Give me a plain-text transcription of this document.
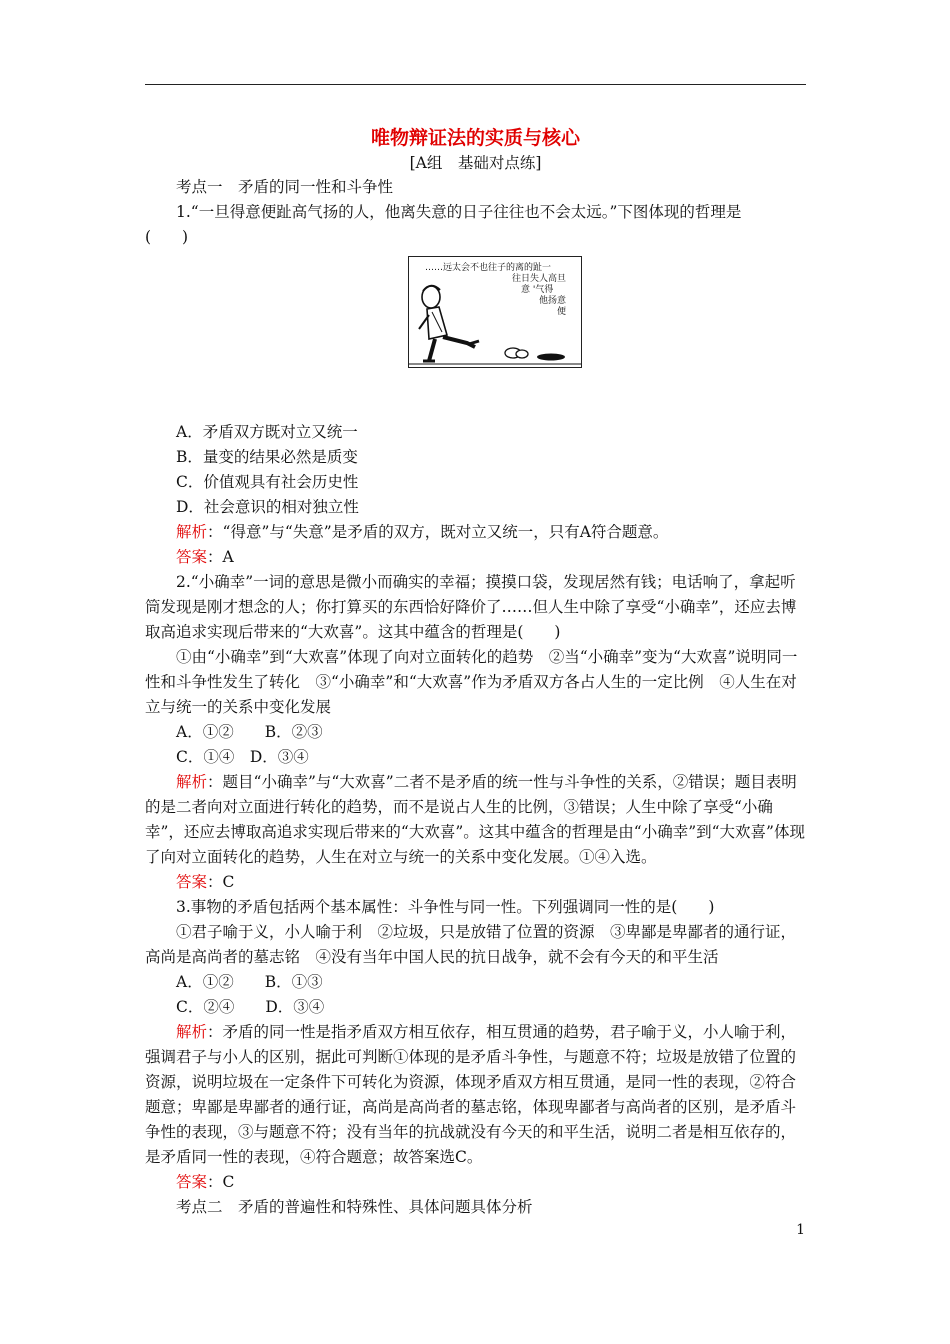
唯物辩证法的实质与核心
[A组　基础对点练]

考点一　矛盾的同一性和斗争性

1.“一旦得意便趾高气扬的人，他离失意的日子往往也不会太远。”下图体现的哲理是

(　　)

……远太会不也往子的离的趾一
往日失人高旦
意 '气得
他扬意
便

A．矛盾双方既对立又统一

B．量变的结果必然是质变

C．价值观具有社会历史性

D．社会意识的相对独立性

解析：“得意”与“失意”是矛盾的双方，既对立又统一，只有A符合题意。

答案：A

2.“小确幸”一词的意思是微小而确实的幸福；摸摸口袋，发现居然有钱；电话响了，拿起听筒发现是刚才想念的人；你打算买的东西恰好降价了……但人生中除了享受“小确幸”，还应去博取高追求实现后带来的“大欢喜”。这其中蕴含的哲理是(　　)

①由“小确幸”到“大欢喜”体现了向对立面转化的趋势　②当“小确幸”变为“大欢喜”说明同一性和斗争性发生了转化　③“小确幸”和“大欢喜”作为矛盾双方各占人生的一定比例　④人生在对立与统一的关系中变化发展

A．①②　　B．②③

C．①④　D．③④

解析：题目“小确幸”与“大欢喜”二者不是矛盾的统一性与斗争性的关系，②错误；题目表明的是二者向对立面进行转化的趋势，而不是说占人生的比例，③错误；人生中除了享受“小确幸”，还应去博取高追求实现后带来的“大欢喜”。这其中蕴含的哲理是由“小确幸”到“大欢喜”体现了向对立面转化的趋势，人生在对立与统一的关系中变化发展。①④入选。

答案：C

3.事物的矛盾包括两个基本属性：斗争性与同一性。下列强调同一性的是(　　)

①君子喻于义，小人喻于利　②垃圾，只是放错了位置的资源　③卑鄙是卑鄙者的通行证，高尚是高尚者的墓志铭　④没有当年中国人民的抗日战争，就不会有今天的和平生活

A．①②　　B．①③

C．②④　　D．③④

解析：矛盾的同一性是指矛盾双方相互依存，相互贯通的趋势，君子喻于义，小人喻于利，强调君子与小人的区别，据此可判断①体现的是矛盾斗争性，与题意不符；垃圾是放错了位置的资源，说明垃圾在一定条件下可转化为资源，体现矛盾双方相互贯通，是同一性的表现，②符合题意；卑鄙是卑鄙者的通行证，高尚是高尚者的墓志铭，体现卑鄙者与高尚者的区别，是矛盾斗争性的表现，③与题意不符；没有当年的抗战就没有今天的和平生活，说明二者是相互依存的，是矛盾同一性的表现，④符合题意；故答案选C。

答案：C

考点二　矛盾的普遍性和特殊性、具体问题具体分析

1
